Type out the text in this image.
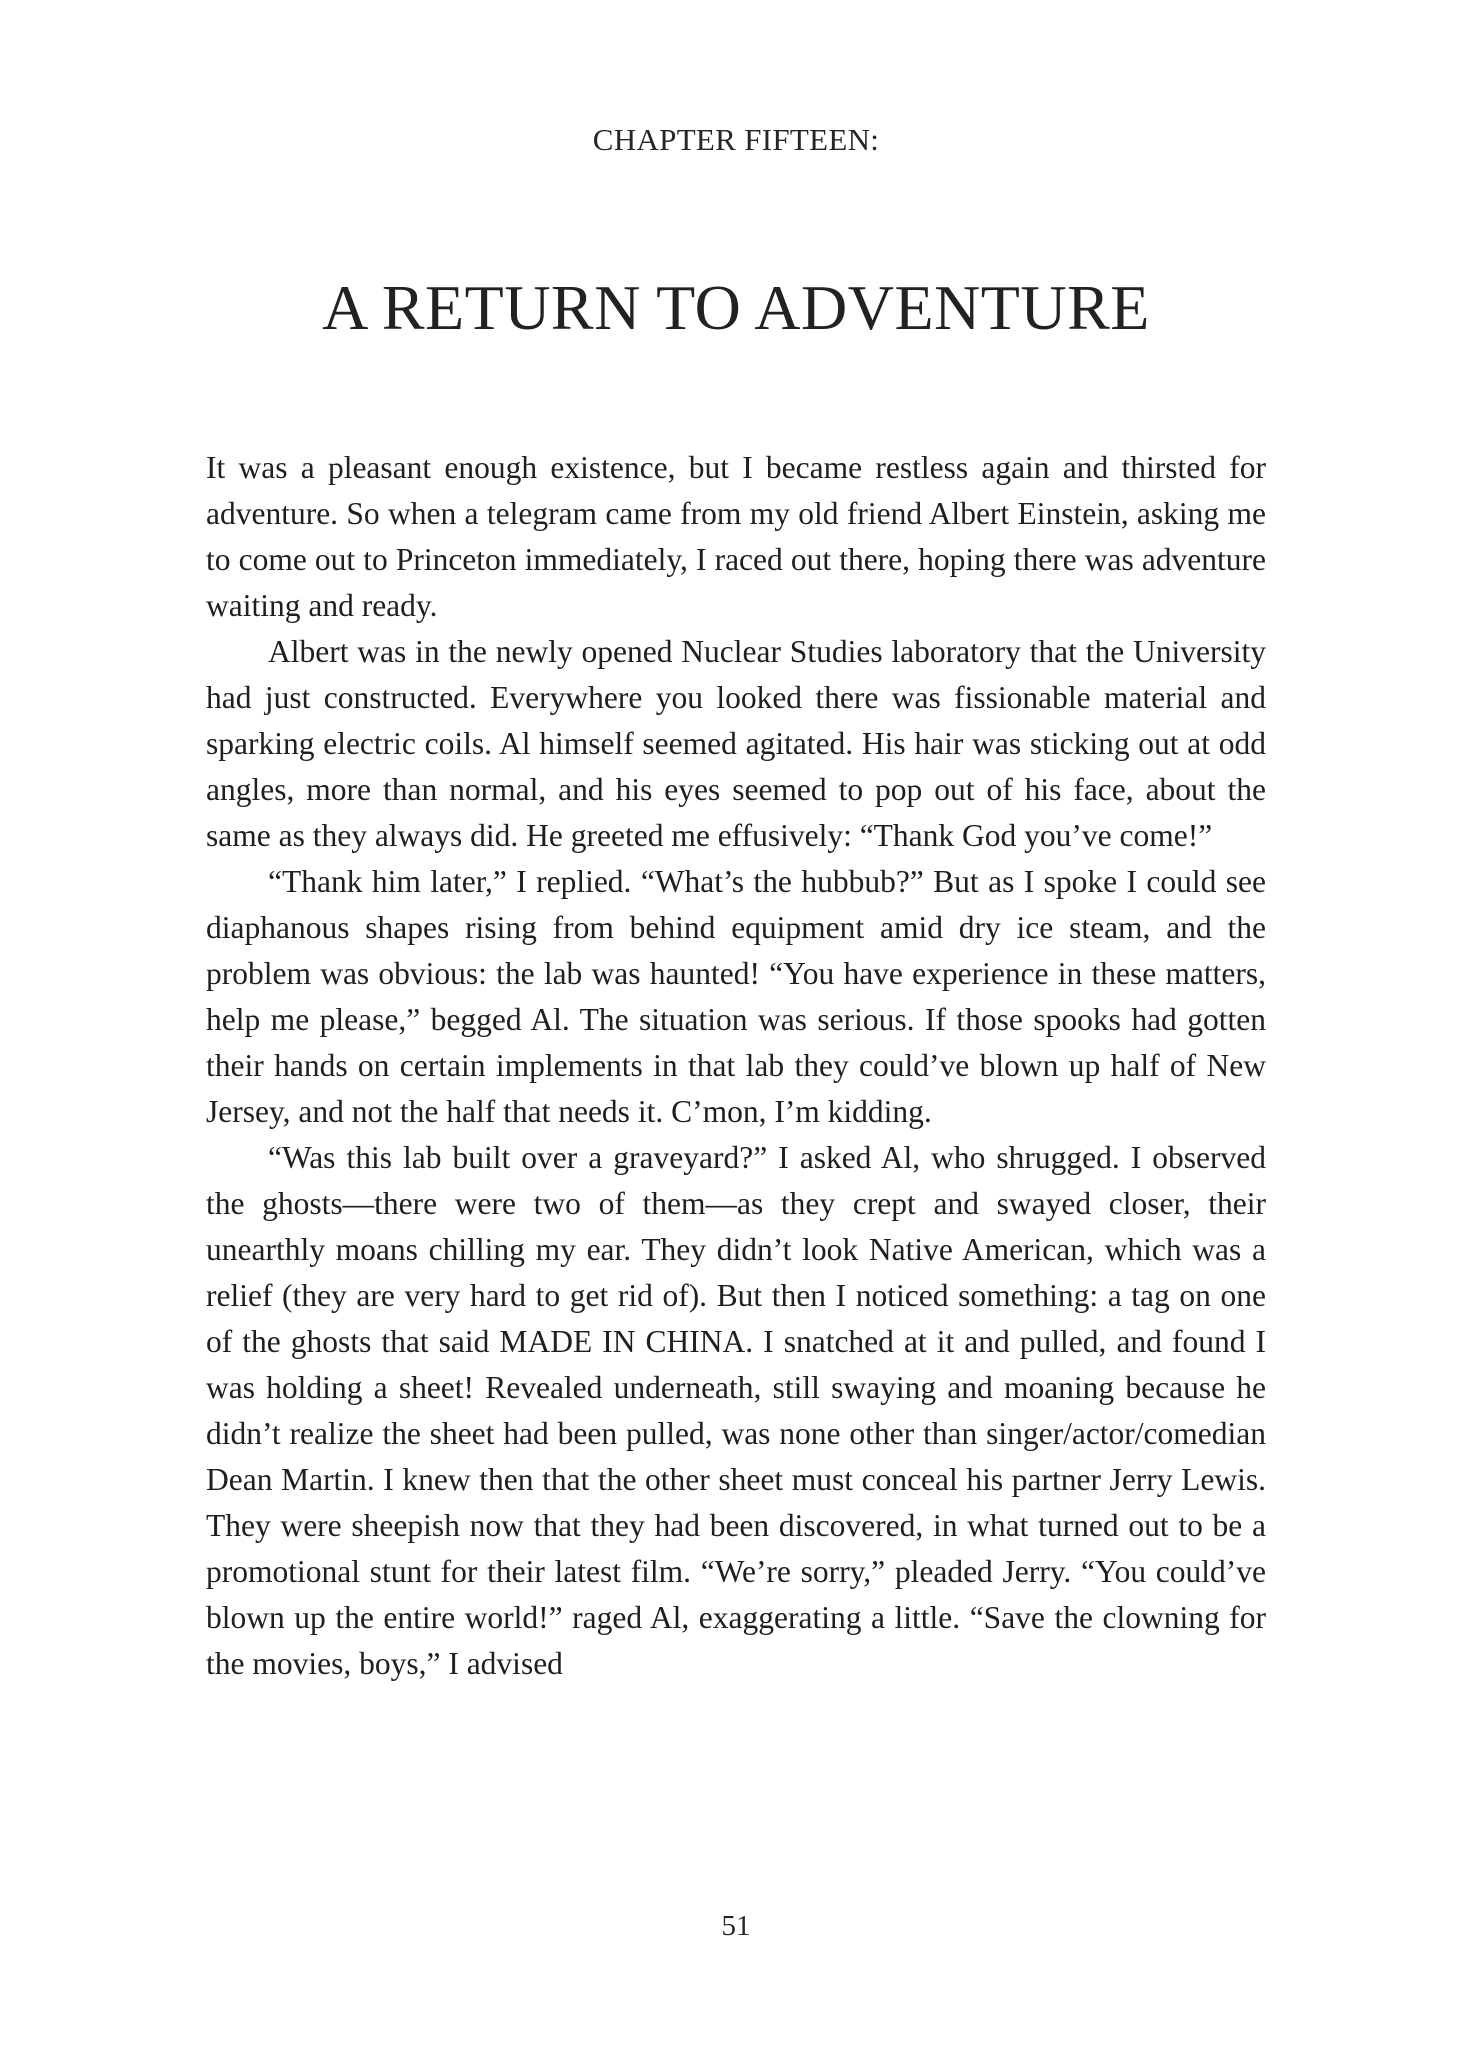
CHAPTER FIFTEEN:
A RETURN TO ADVENTURE

It was a pleasant enough existence, but I became restless again and thirsted for adventure. So when a telegram came from my old friend Albert Einstein, asking me to come out to Princeton immediately, I raced out there, hoping there was adventure waiting and ready.

Albert was in the newly opened Nuclear Studies laboratory that the University had just constructed. Everywhere you looked there was fissionable material and sparking electric coils. Al himself seemed agitated. His hair was sticking out at odd angles, more than normal, and his eyes seemed to pop out of his face, about the same as they always did. He greeted me effusively: “Thank God you’ve come!”

“Thank him later,” I replied. “What’s the hubbub?” But as I spoke I could see diaphanous shapes rising from behind equipment amid dry ice steam, and the problem was obvious: the lab was haunted! “You have experience in these matters, help me please,” begged Al. The situation was serious. If those spooks had gotten their hands on certain implements in that lab they could’ve blown up half of New Jersey, and not the half that needs it. C’mon, I’m kidding.

“Was this lab built over a graveyard?” I asked Al, who shrugged. I observed the ghosts—there were two of them—as they crept and swayed closer, their unearthly moans chilling my ear. They didn’t look Native American, which was a relief (they are very hard to get rid of). But then I noticed something: a tag on one of the ghosts that said MADE IN CHINA. I snatched at it and pulled, and found I was holding a sheet! Revealed underneath, still swaying and moaning because he didn’t realize the sheet had been pulled, was none other than singer/actor/comedian Dean Martin. I knew then that the other sheet must conceal his partner Jerry Lewis. They were sheepish now that they had been discovered, in what turned out to be a promotional stunt for their latest film. “We’re sorry,” pleaded Jerry. “You could’ve blown up the entire world!” raged Al, exaggerating a little. “Save the clowning for the movies, boys,” I advised

51
